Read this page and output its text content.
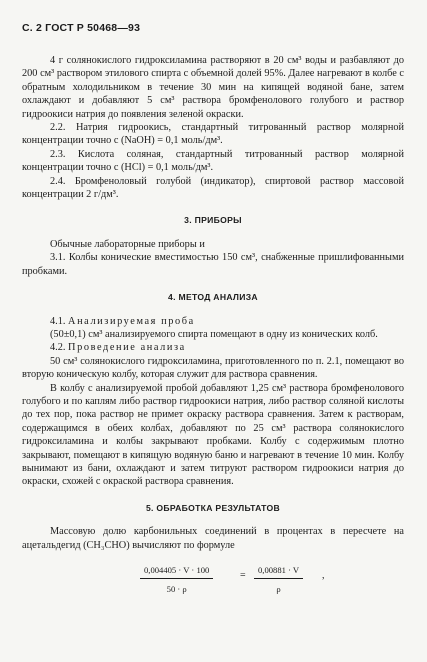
С. 2 ГОСТ Р 50468—93

4 г солянокислого гидроксиламина растворяют в 20 см³ воды и разбавляют до 200 см³ раствором этилового спирта с объемной долей 95%. Далее нагревают в колбе с обратным холодильником в течение 30 мин на кипящей водяной бане, затем охлаждают и добавляют 5 см³ раствора бромфенолового голубого и раствор гидроокиси натрия до появления зеленой окраски.

2.2. Натрия гидроокись, стандартный титрованный раствор молярной концентрации точно с (NaOH) = 0,1 моль/дм³.

2.3. Кислота соляная, стандартный титрованный раствор молярной концентрации точно с (HCl) = 0,1 моль/дм³.

2.4. Бромфеноловый голубой (индикатор), спиртовой раствор массовой концентрации 2 г/дм³.

3. ПРИБОРЫ

Обычные лабораторные приборы и

3.1. Колбы конические вместимостью 150 см³, снабженные пришлифованными пробками.

4. МЕТОД АНАЛИЗА

4.1. Анализируемая проба

(50±0,1) см³ анализируемого спирта помещают в одну из конических колб.

4.2. Проведение анализа

50 см³ солянокислого гидроксиламина, приготовленного по п. 2.1, помещают во вторую коническую колбу, которая служит для раствора сравнения.

В колбу с анализируемой пробой добавляют 1,25 см³ раствора бромфенолового голубого и по каплям либо раствор гидроокиси натрия, либо раствор соляной кислоты до тех пор, пока раствор не примет окраску раствора сравнения. Затем к растворам, содержащимся в обеих колбах, добавляют по 25 см³ раствора солянокислого гидроксиламина и колбы закрывают пробками. Колбу с содержимым плотно закрывают, помещают в кипящую водяную баню и нагревают в течение 10 мин. Колбу вынимают из бани, охлаждают и затем титруют раствором гидроокиси натрия до окраски, схожей с окраской раствора сравнения.

5. ОБРАБОТКА РЕЗУЛЬТАТОВ

Массовую долю карбонильных соединений в процентах в пересчете на ацетальдегид (CH₃CHO) вычисляют по формуле

$\frac{0,004405 \cdot V \cdot 100}{50 \cdot \rho}$	= $\frac{0,00881 \cdot V}{\rho}$ ,
